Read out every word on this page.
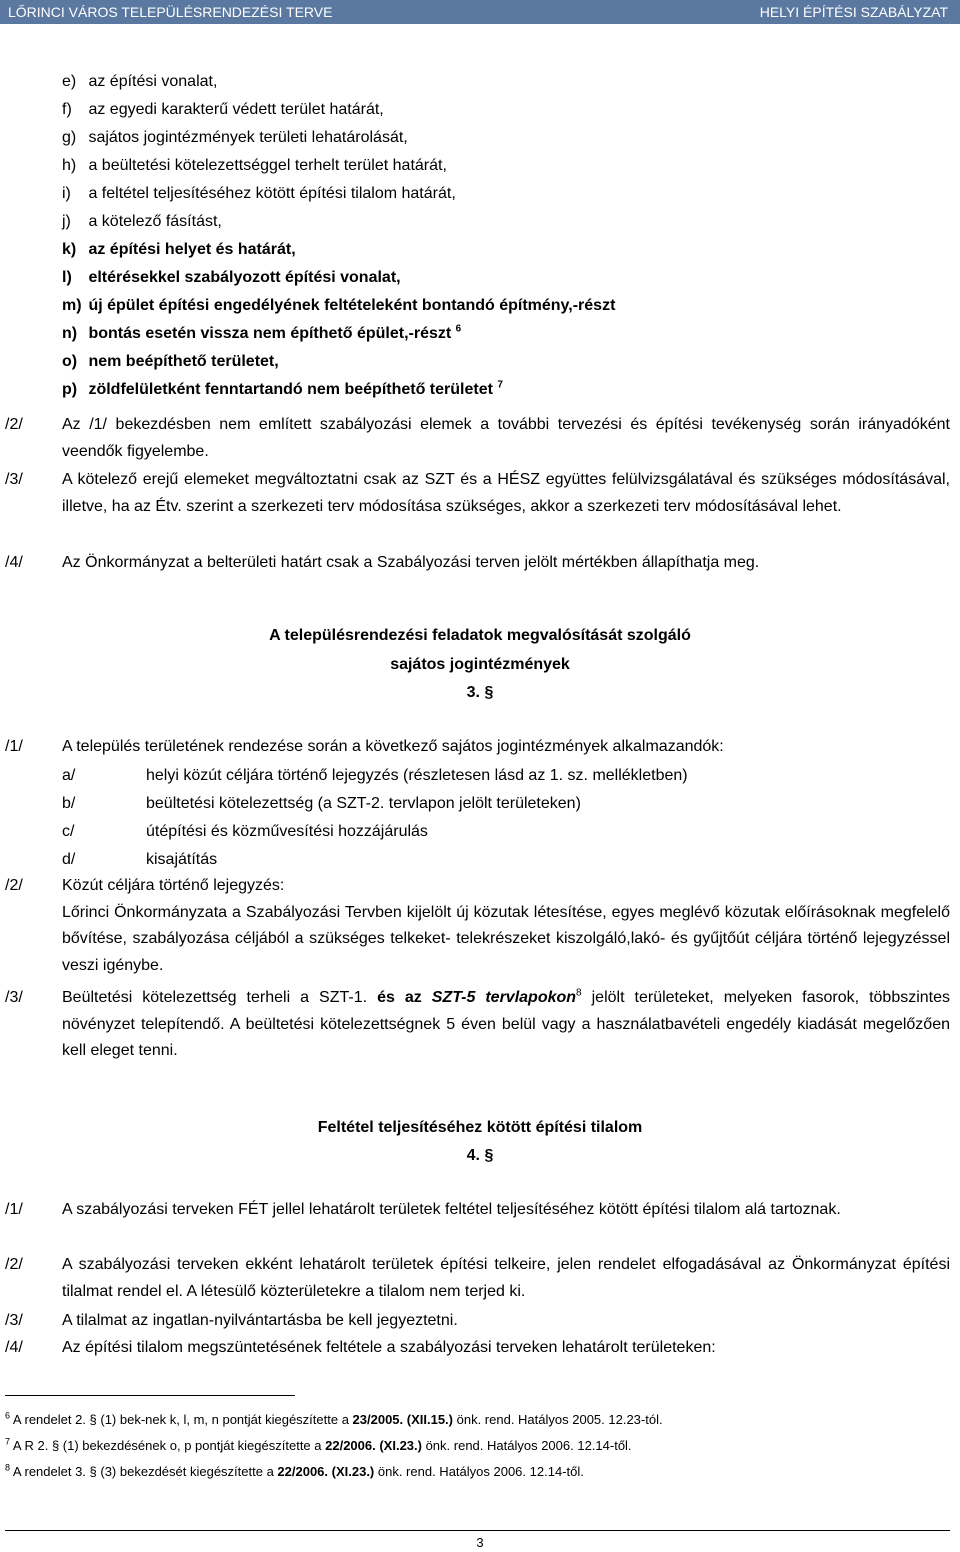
LŐRINCI VÁROS TELEPÜLÉSRENDEZÉSI TERVE	HELYI ÉPÍTÉSI SZABÁLYZAT
e) az építési vonalat,
f) az egyedi karakterű védett terület határát,
g) sajátos jogintézmények területi lehatárolását,
h) a beültetési kötelezettséggel terhelt terület határát,
i) a feltétel teljesítéséhez kötött építési tilalom határát,
j) a kötelező fásítást,
k) az építési helyet és határát,
l) eltérésekkel szabályozott építési vonalat,
m) új épület építési engedélyének feltételeként bontandó építmény,-részt
n) bontás esetén vissza nem építhető épület,-részt $^6$
o) nem beépíthető területet,
p) zöldfelületként fenntartandó nem beépíthető területet $^7$
/2/ Az /1/ bekezdésben nem említett szabályozási elemek a további tervezési és építési tevékenység során irányadóként veendők figyelembe.
/3/ A kötelező erejű elemeket megváltoztatni csak az SZT és a HÉSZ együttes felülvizsgálatával és szükséges módosításával, illetve, ha az Étv. szerint a szerkezeti terv módosítása szükséges, akkor a szerkezeti terv módosításával lehet.
/4/ Az Önkormányzat a belterületi határt csak a Szabályozási terven jelölt mértékben állapíthatja meg.
A településrendezési feladatok megvalósítását szolgáló
sajátos jogintézmények
3. §
/1/ A település területének rendezése során a következő sajátos jogintézmények alkalmazandók:
a/	helyi közút céljára történő lejegyzés (részletesen lásd az 1. sz. mellékletben)
b/	beültetési kötelezettség (a SZT-2. tervlapon jelölt területeken)
c/	útépítési és közművesítési hozzájárulás
d/	kisajátítás
/2/ Közút céljára történő lejegyzés:
Lőrinci Önkormányzata a Szabályozási Tervben kijelölt új közutak létesítése, egyes meglévő közutak előírásoknak megfelelő bővítése, szabályozása céljából a szükséges telkeket- telekrészeket kiszolgáló,lakó- és gyűjtőút céljára történő lejegyzéssel veszi igénybe.
/3/ Beültetési kötelezettség terheli a SZT-1. és az SZT-5 tervlapokon$^8$ jelölt területeket, melyeken fasorok, többszintes növényzet telepítendő. A beültetési kötelezettségnek 5 éven belül vagy a használatbavételi engedély kiadását megelőzően kell eleget tenni.
Feltétel teljesítéséhez kötött építési tilalom
4. §
/1/ A szabályozási terveken FÉT jellel lehatárolt területek feltétel teljesítéséhez kötött építési tilalom alá tartoznak.
/2/ A szabályozási terveken ekként lehatárolt területek építési telkeire, jelen rendelet elfogadásával az Önkormányzat építési tilalmat rendel el. A létesülő közterületekre a tilalom nem terjed ki.
/3/ A tilalmat az ingatlan-nyilvántartásba be kell jegyeztetni.
/4/ Az építési tilalom megszüntetésének feltétele a szabályozási terveken lehatárolt területeken:
$^6$ A rendelet 2. § (1) bek-nek k, l, m, n pontját kiegészítette a 23/2005. (XII.15.) önk. rend. Hatályos 2005. 12.23-tól.
$^7$ A R 2. § (1) bekezdésének o, p pontját kiegészítette a 22/2006. (XI.23.) önk. rend. Hatályos 2006. 12.14-től.
$^8$ A rendelet 3. § (3) bekezdését kiegészítette a 22/2006. (XI.23.) önk. rend. Hatályos 2006. 12.14-től.
3
